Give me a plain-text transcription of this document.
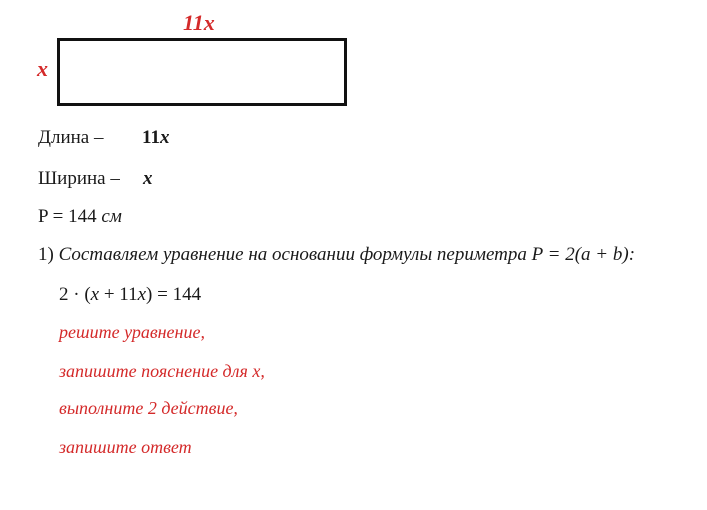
11x
x
Длина – 11x
Ширина – x
P = 144 см
1) Составляем уравнение на основании формулы периметра P = 2(a + b):
2 · (x + 11x) = 144
решите уравнение,
запишите пояснение для х,
выполните 2 действие,
запишите ответ
